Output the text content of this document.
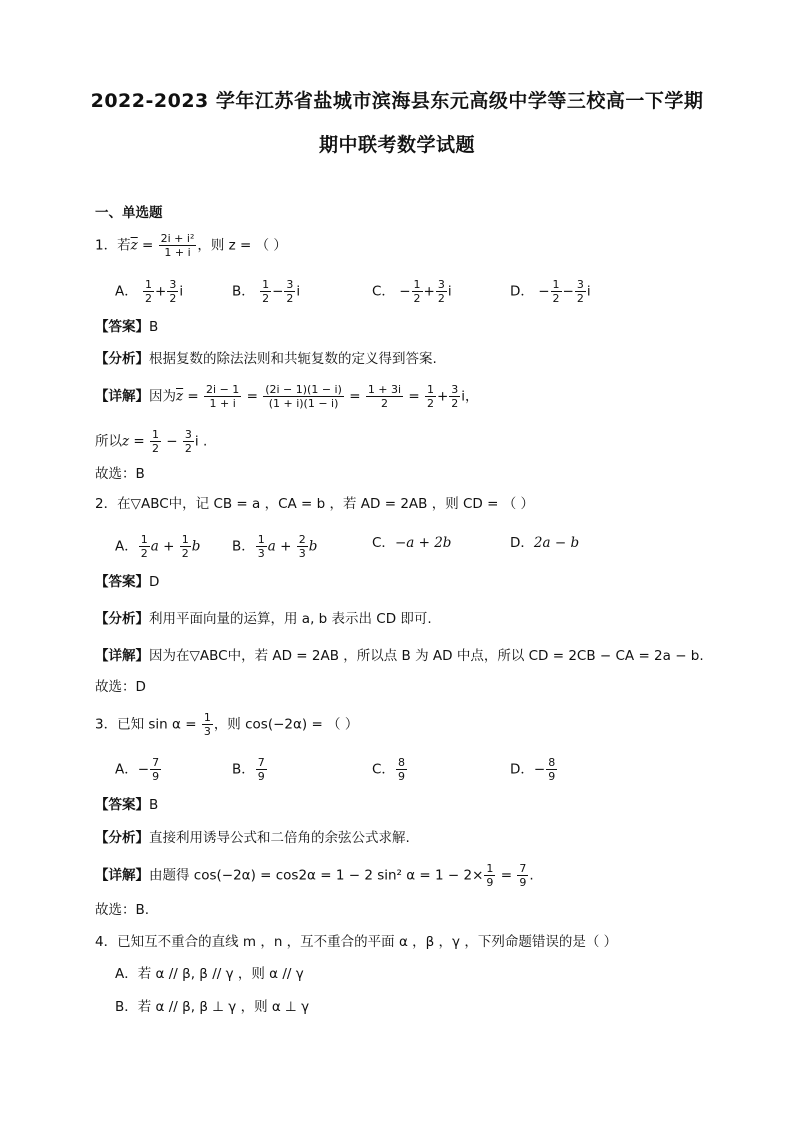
2022-2023 学年江苏省盐城市滨海县东元高级中学等三校高一下学期
期中联考数学试题
一、单选题
1．若$\overline{z} = \frac{\text{2i + i²}}{1 + i}$ ，则 z = （ ）
A． $\frac{1}{2} + \frac{3}{2}$ i	B． $\frac{1}{2} - \frac{3}{2}$ i	C． − $\frac{1}{2} + \frac{3}{2}$ i	D． − $\frac{1}{2} - \frac{3}{2}$ i
【答案】B
【分析】根据复数的除法法则和共轭复数的定义得到答案.
【详解】因为$\overline{z} = \frac{2i - 1}{1 + i} = \frac{(2i - 1)(1 - i)}{(1 + i)(1 - i)} = \frac{1 + 3i}{2} = \frac{1}{2} + \frac{3}{2}$ i，
所以$z = \frac{1}{2} - \frac{3}{2}$ i .
故选：B
2．在▽ABC中，记 CB = a ，CA = b ，若 AD = 2AB ，则 CD = （ ）
A． $\frac{1}{2}$ $a + \frac{1}{2}$ b B． $\frac{1}{3}$ $a + \frac{2}{3}$ b	C．−a + 2b	D．2a − b
【答案】D
【分析】利用平面向量的运算，用 a, b 表示出 CD 即可.
【详解】因为在▽ABC中，若 AD = 2AB ，所以点 B 为 AD 中点，所以 CD = 2CB − CA = 2a − b.
故选：D
3．已知 $\sin \alpha = \frac{1}{3}$ ，则 cos(−2α) = （ ）
A．− $\frac{7}{9}$	B． $\frac{7}{9}$	C． $\frac{8}{9}$	D．− $\frac{8}{9}$
【答案】B
【分析】直接利用诱导公式和二倍角的余弦公式求解.
【详解】由题得 cos(−2α) = cos2α = 1 − 2 sin² $\alpha = 1 - 2\times \frac{1}{9} = \frac{7}{9}$ .
故选：B.
4．已知互不重合的直线 m ，n ，互不重合的平面 α ，β ，γ ，下列命题错误的是（ ）
A．若 α // β, β // γ ，则 α // γ
B．若 α // β, β ⊥ γ ，则 α ⊥ γ
